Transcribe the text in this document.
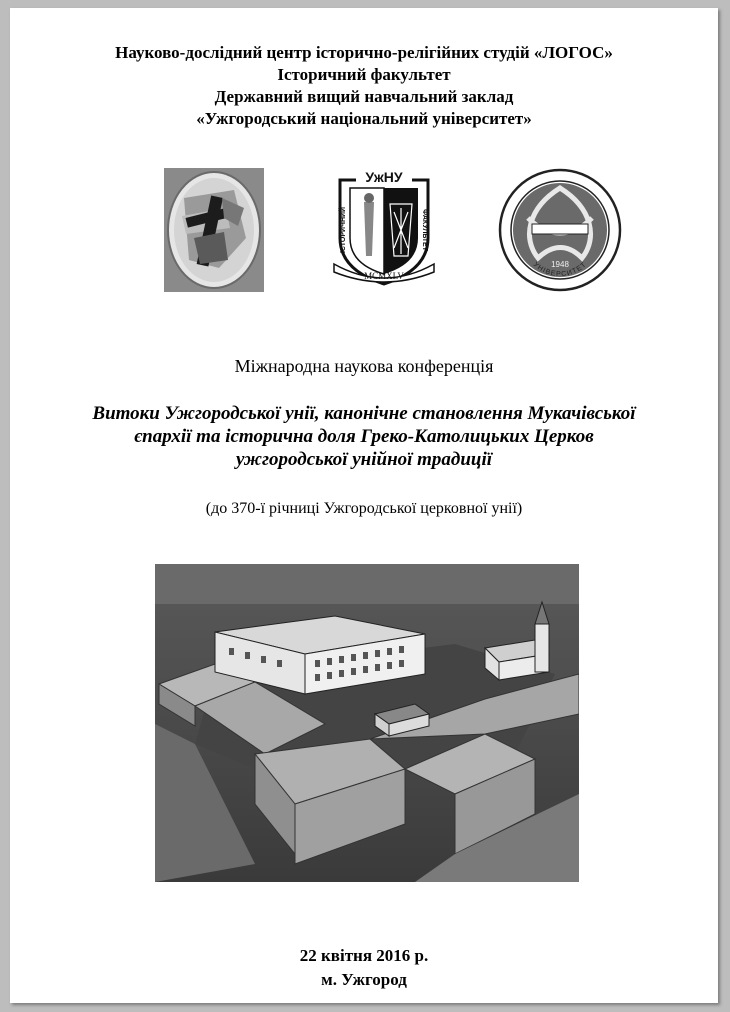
Науково-дослідний центр історично-релігійних студій «ЛОГОС»
Історичний факультет
Державний вищий навчальний заклад
«Ужгородський національний університет»
УжНУ
ІСТОРИЧНИЙ	ФАКУЛЬТЕТ
MCMXLV
1948
УНІВЕРСИТЕТ
Міжнародна наукова конференція
Витоки Ужгородської унії, канонічне становлення Мукачівської
єпархії та історична доля Греко-Католицьких Церков
ужгородської унійної традиції
(до 370-ї річниці Ужгородської церковної унії)
22 квітня 2016 р.
м. Ужгород
